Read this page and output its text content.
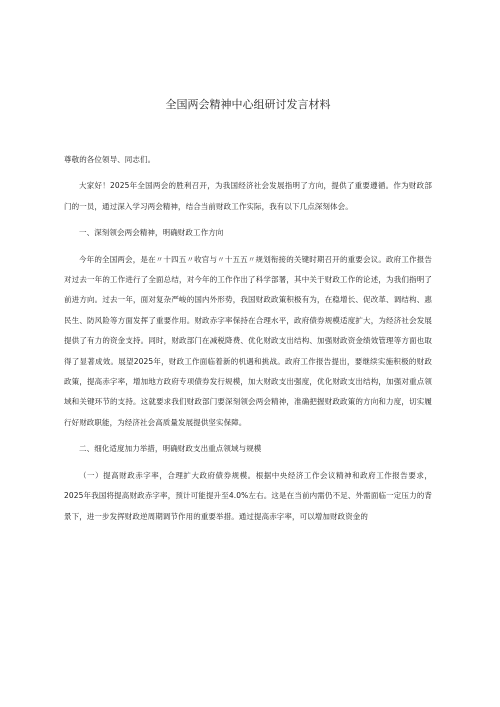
全国两会精神中心组研讨发言材料
尊敬的各位领导、同志们。
大家好！2025年全国两会的胜利召开，为我国经济社会发展指明了方向，提供了重要遵循。作为财政部门的一员，通过深入学习两会精神，结合当前财政工作实际，我有以下几点深刻体会。
一、深刻领会两会精神，明确财政工作方向
今年的全国两会，是在〃十四五〃收官与〃十五五〃规划衔接的关键时期召开的重要会议。政府工作报告对过去一年的工作进行了全面总结，对今年的工作作出了科学部署，其中关于财政工作的论述，为我们指明了前进方向。过去一年，面对复杂严峻的国内外形势，我国财政政策积极有为，在稳增长、促改革、调结构、惠民生、防风险等方面发挥了重要作用。财政赤字率保持在合理水平，政府债券规模适度扩大，为经济社会发展提供了有力的资金支持。同时，财政部门在减税降费、优化财政支出结构、加强财政资金绩效管理等方面也取得了显著成效。展望2025年，财政工作面临着新的机遇和挑战。政府工作报告提出，要继续实施积极的财政政策，提高赤字率，增加地方政府专项债券发行规模，加大财政支出强度，优化财政支出结构，加强对重点领域和关键环节的支持。这就要求我们财政部门要深刻领会两会精神，准确把握财政政策的方向和力度，切实履行好财政职能，为经济社会高质量发展提供坚实保障。
二、细化适度加力举措，明确财政支出重点领域与规模
（一）提高财政赤字率，合理扩大政府债券规模。根据中央经济工作会议精神和政府工作报告要求，2025年我国将提高财政赤字率，预计可能提升至4.0%左右。这是在当前内需仍不足、外需面临一定压力的背景下，进一步发挥财政逆周期调节作用的重要举措。通过提高赤字率，可以增加财政资金的
